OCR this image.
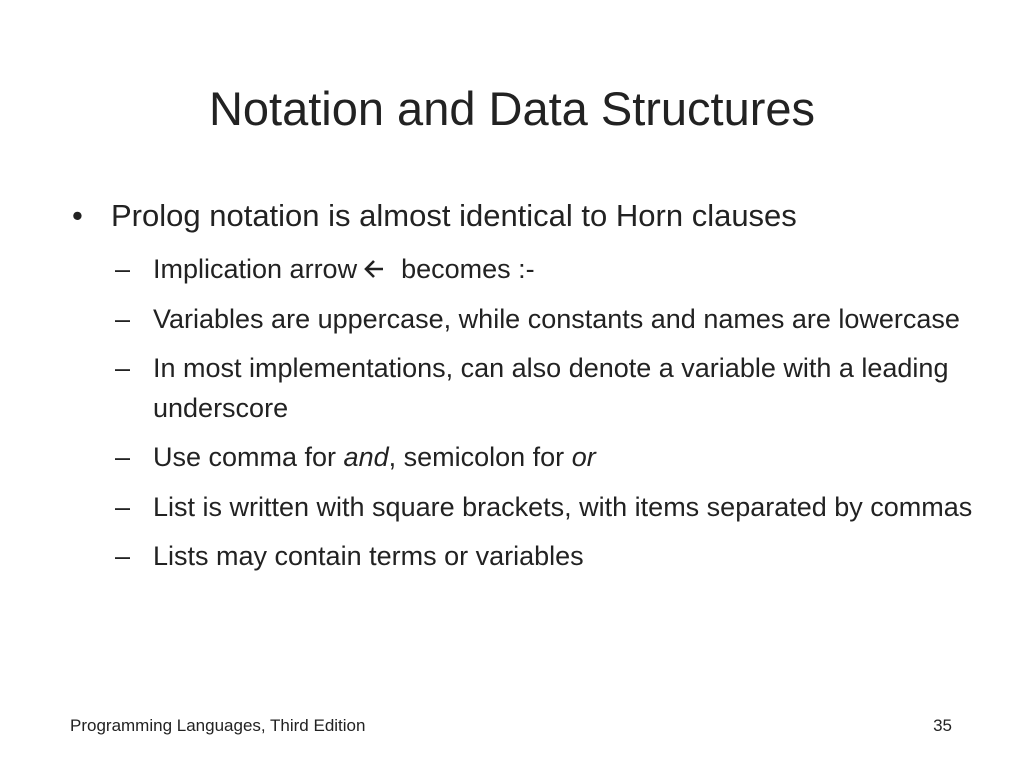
Notation and Data Structures
• Prolog notation is almost identical to Horn clauses
– Implication arrow becomes :-
– Variables are uppercase, while constants and names are lowercase
– In most implementations, can also denote a variable with a leading underscore
– Use comma for and, semicolon for or
– List is written with square brackets, with items separated by commas
– Lists may contain terms or variables
Programming Languages, Third Edition	35
